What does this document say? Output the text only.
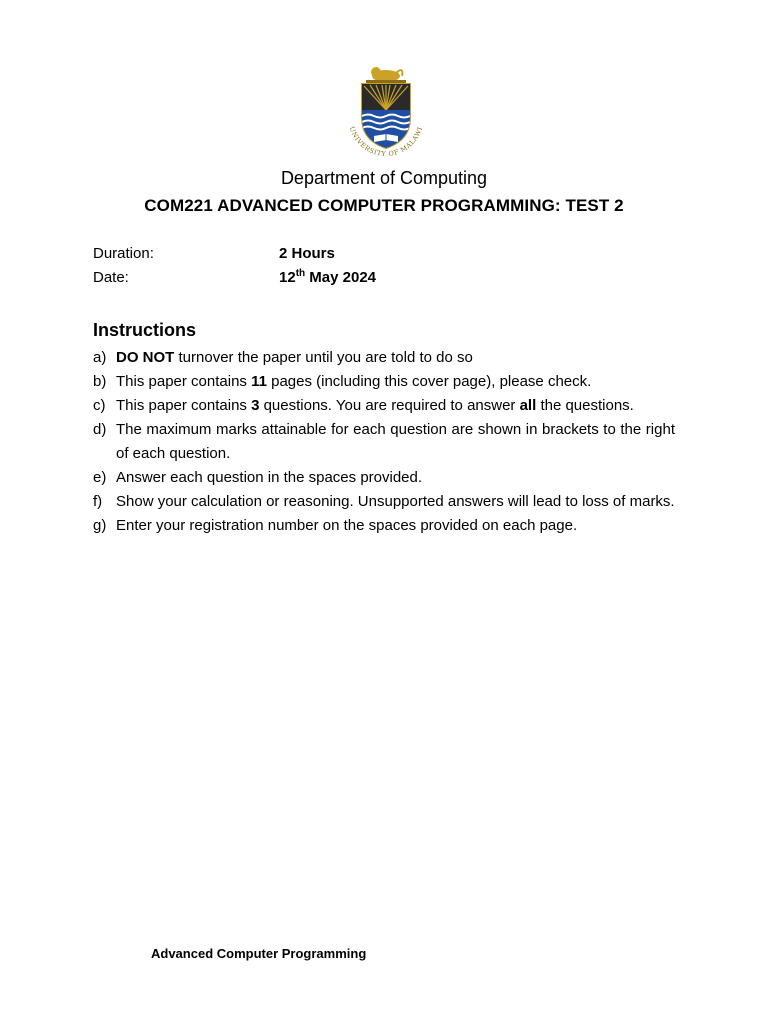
UNIVERSITY OF MALAWI
Department of Computing
COM221 ADVANCED COMPUTER PROGRAMMING: TEST 2
Duration:	2 Hours
Date:	12th May 2024
Instructions
a) DO NOT turnover the paper until you are told to do so
b) This paper contains 11 pages (including this cover page), please check.
c) This paper contains 3 questions. You are required to answer all the questions.
d) The maximum marks attainable for each question are shown in brackets to the right of each question.
e) Answer each question in the spaces provided.
f) Show your calculation or reasoning. Unsupported answers will lead to loss of marks.
g) Enter your registration number on the spaces provided on each page.
Advanced Computer Programming
